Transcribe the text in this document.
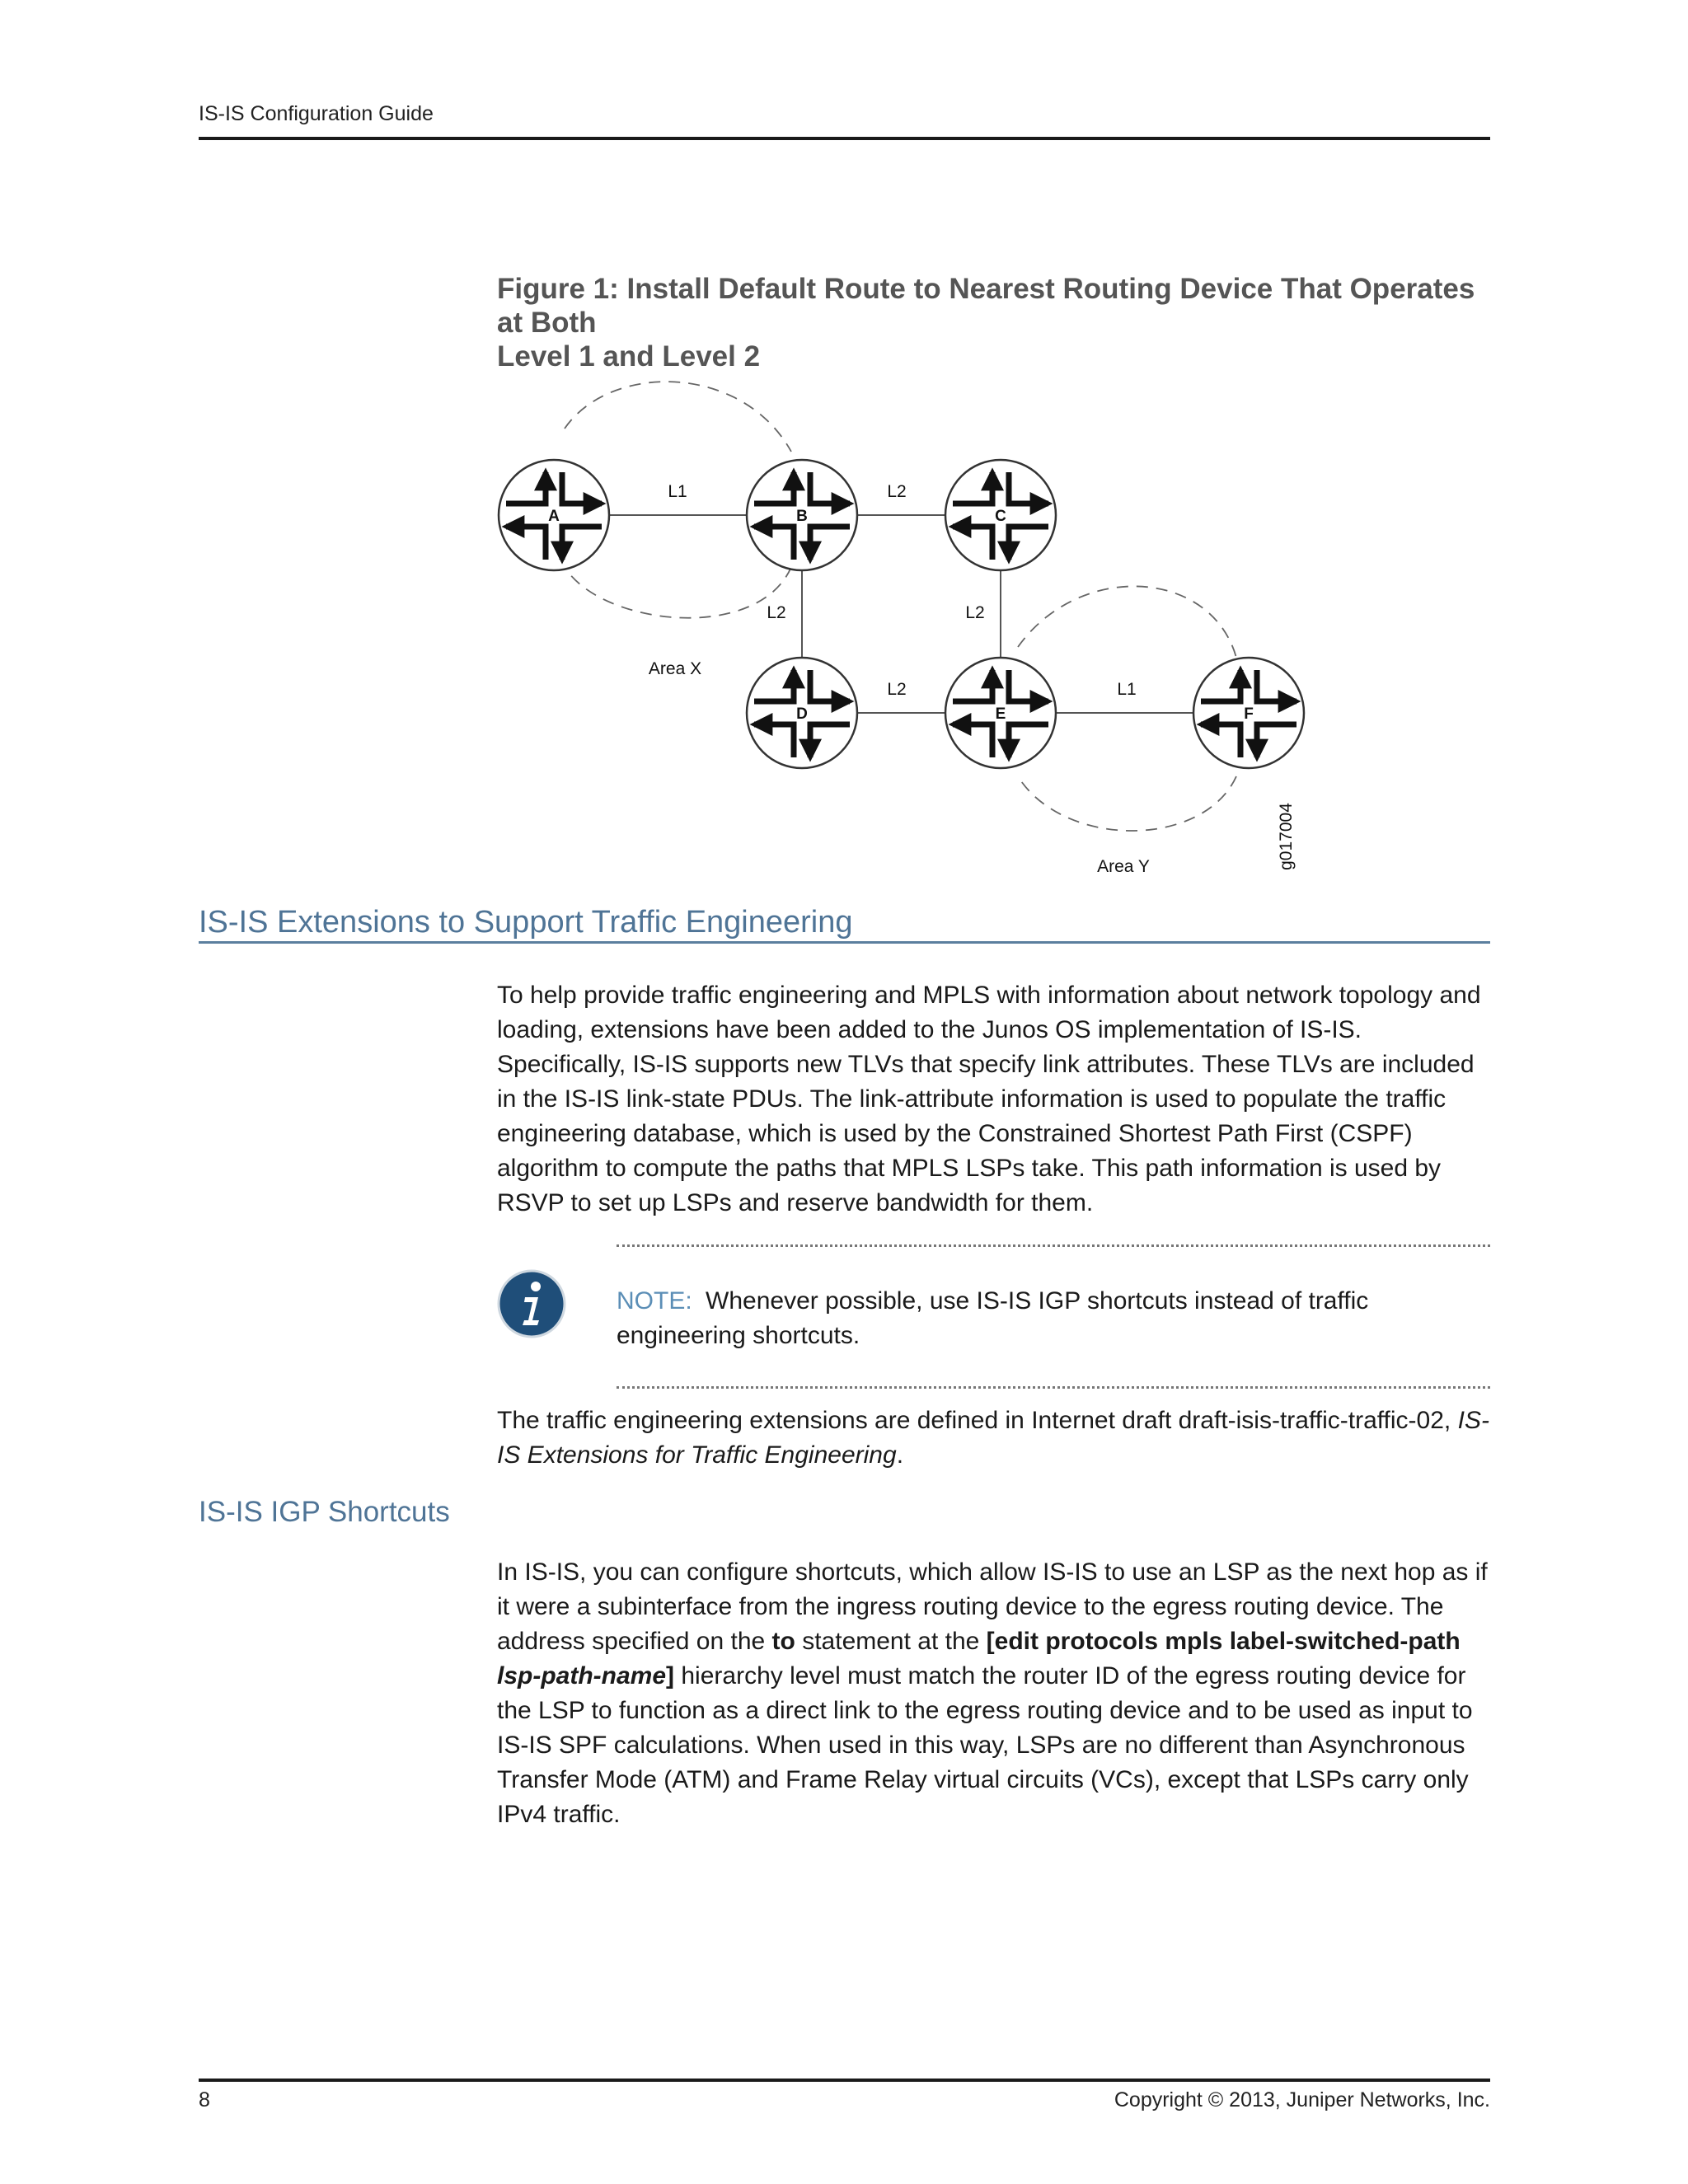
IS-IS Configuration Guide
Figure 1: Install Default Route to Nearest Routing Device That Operates
at Both
Level 1 and Level 2
A	B	C
D	E	F
L1	L2
L2	L2
L2	L1
Area X
Area Y	g017004
IS-IS Extensions to Support Traffic Engineering

To help provide traffic engineering and MPLS with information about network topology and loading, extensions have been added to the Junos OS implementation of IS-IS. Specifically, IS-IS supports new TLVs that specify link attributes. These TLVs are included in the IS-IS link-state PDUs. The link-attribute information is used to populate the traffic engineering database, which is used by the Constrained Shortest Path First (CSPF) algorithm to compute the paths that MPLS LSPs take. This path information is used by RSVP to set up LSPs and reserve bandwidth for them.

NOTE: Whenever possible, use IS-IS IGP shortcuts instead of traffic engineering shortcuts.

The traffic engineering extensions are defined in Internet draft draft-isis-traffic-traffic-02, IS-IS Extensions for Traffic Engineering.

IS-IS IGP Shortcuts

In IS-IS, you can configure shortcuts, which allow IS-IS to use an LSP as the next hop as if it were a subinterface from the ingress routing device to the egress routing device. The address specified on the to statement at the [edit protocols mpls label-switched-path lsp-path-name] hierarchy level must match the router ID of the egress routing device for the LSP to function as a direct link to the egress routing device and to be used as input to IS-IS SPF calculations. When used in this way, LSPs are no different than Asynchronous Transfer Mode (ATM) and Frame Relay virtual circuits (VCs), except that LSPs carry only IPv4 traffic.

8	Copyright © 2013, Juniper Networks, Inc.
